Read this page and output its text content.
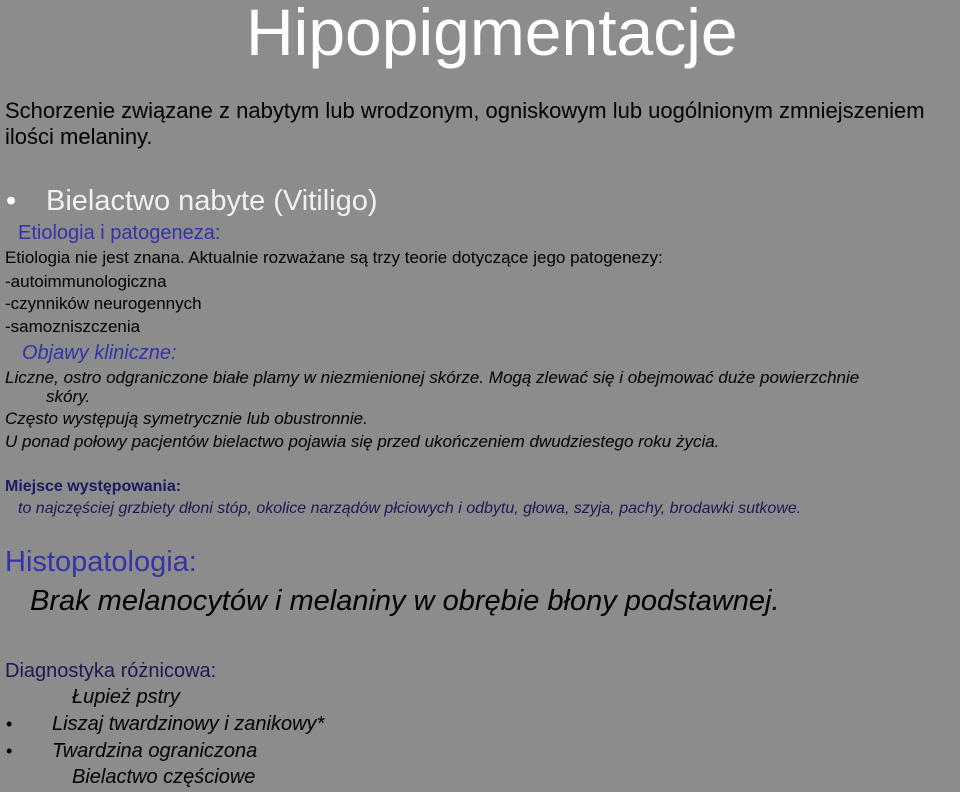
Hipopigmentacje
Schorzenie związane z nabytym lub wrodzonym, ogniskowym lub uogólnionym zmniejszeniem ilości melaniny.
• Bielactwo nabyte (Vitiligo)
Etiologia i patogeneza:
Etiologia nie jest znana. Aktualnie rozważane są trzy teorie dotyczące jego patogenezy:
-autoimmunologiczna
-czynników neurogennych
-samozniszczenia
Objawy kliniczne:
Liczne, ostro odgraniczone białe plamy w niezmienionej skórze. Mogą zlewać się i obejmować duże powierzchnie
skóry.
Często występują symetrycznie lub obustronnie.
U ponad połowy pacjentów bielactwo pojawia się przed ukończeniem dwudziestego roku życia.
Miejsce występowania:
to najczęściej grzbiety dłoni stóp, okolice narządów płciowych i odbytu, głowa, szyja, pachy, brodawki sutkowe.
Histopatologia:
Brak melanocytów i melaniny w obrębie błony podstawnej.
Diagnostyka różnicowa:
Łupież pstry
• Liszaj twardzinowy i zanikowy*
• Twardzina ograniczona
Bielactwo częściowe
